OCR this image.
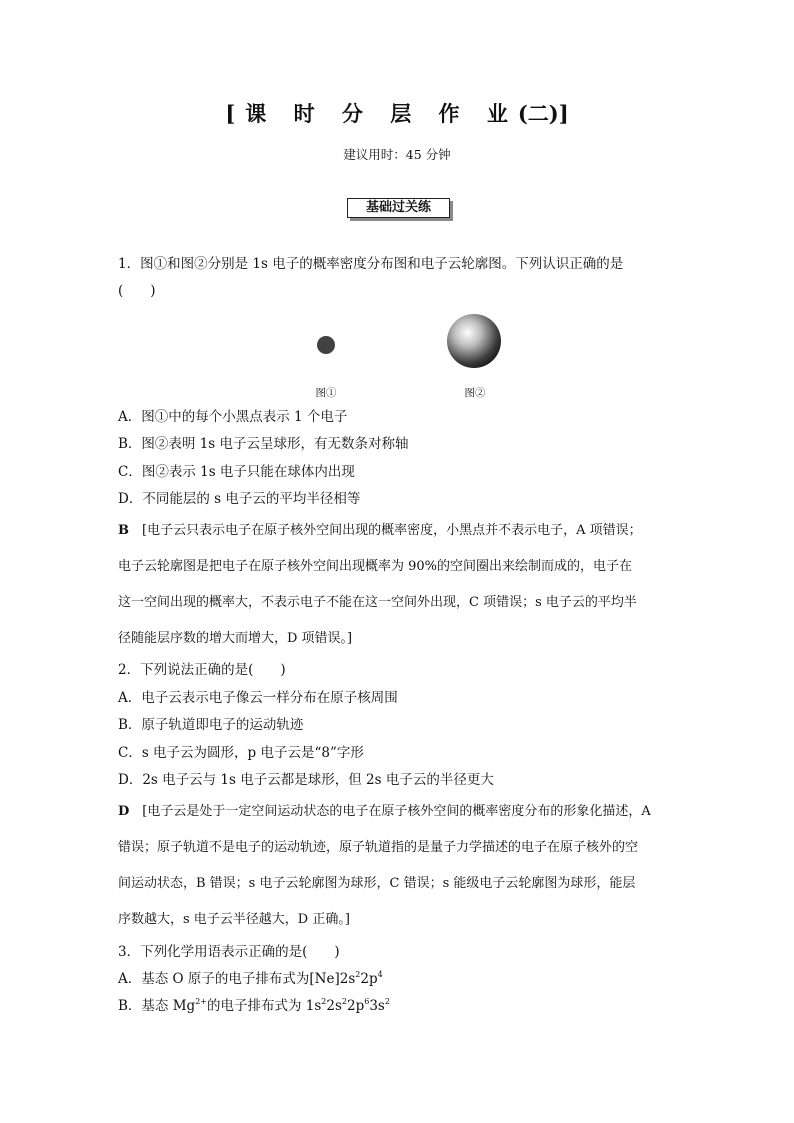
[课 时 分 层 作 业(二)]
建议用时：45 分钟
基础过关练
1．图①和图②分别是 1s 电子的概率密度分布图和电子云轮廓图。下列认识正确的是
(　　)
图①	图②
A．图①中的每个小黑点表示 1 个电子
B．图②表明 1s 电子云呈球形，有无数条对称轴
C．图②表示 1s 电子只能在球体内出现
D．不同能层的 s 电子云的平均半径相等
B　 [电子云只表示电子在原子核外空间出现的概率密度，小黑点并不表示电子，A 项错误；
电子云轮廓图是把电子在原子核外空间出现概率为 90%的空间圈出来绘制而成的，电子在
这一空间出现的概率大，不表示电子不能在这一空间外出现，C 项错误；s 电子云的平均半
径随能层序数的增大而增大，D 项错误。]
2．下列说法正确的是(　　)
A．电子云表示电子像云一样分布在原子核周围
B．原子轨道即电子的运动轨迹
C．s 电子云为圆形，p 电子云是“8”字形
D．2s 电子云与 1s 电子云都是球形，但 2s 电子云的半径更大
D　 [电子云是处于一定空间运动状态的电子在原子核外空间的概率密度分布的形象化描述，A
错误；原子轨道不是电子的运动轨迹，原子轨道指的是量子力学描述的电子在原子核外的空
间运动状态，B 错误；s 电子云轮廓图为球形，C 错误；s 能级电子云轮廓图为球形，能层
序数越大，s 电子云半径越大，D 正确。]
3．下列化学用语表示正确的是(　　)
A．基态 O 原子的电子排布式为$[Ne]2s^22p^4$
B．基态 $Mg^{2+}$的电子排布式为 $1s^22s^22p^63s^2$
